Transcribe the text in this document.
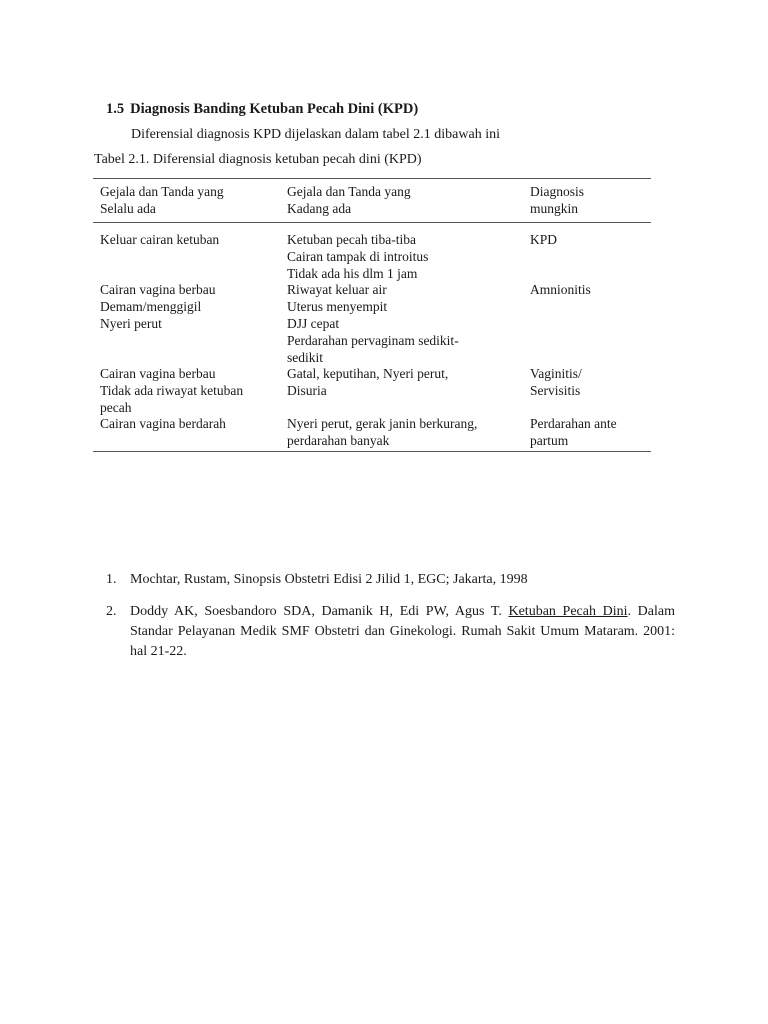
1.5 Diagnosis Banding Ketuban Pecah Dini (KPD)

Diferensial diagnosis KPD dijelaskan dalam tabel 2.1 dibawah ini

Tabel 2.1. Diferensial diagnosis ketuban pecah dini (KPD)

Gejala dan Tanda yang
Selalu ada
Gejala dan Tanda yang
Kadang ada
Diagnosis
mungkin
Keluar cairan ketuban	Ketuban pecah tiba-tiba
Cairan tampak di introitus
Tidak ada his dlm 1 jam
KPD
Cairan vagina berbau
Demam/menggigil
Nyeri perut
Riwayat keluar air
Uterus menyempit
DJJ cepat
Perdarahan pervaginam sedikit-
sedikit
Amnionitis
Cairan vagina berbau
Tidak ada riwayat ketuban
pecah
Gatal, keputihan, Nyeri perut,
Disuria
Vaginitis/
Servisitis
Cairan vagina berdarah	Nyeri perut, gerak janin berkurang,
perdarahan banyak
Perdarahan ante
partum
1. Mochtar, Rustam, Sinopsis Obstetri Edisi 2 Jilid 1, EGC; Jakarta, 1998
2. Doddy AK, Soesbandoro SDA, Damanik H, Edi PW, Agus T. Ketuban Pecah Dini. Dalam Standar Pelayanan Medik SMF Obstetri dan Ginekologi. Rumah Sakit Umum Mataram. 2001: hal 21-22.
